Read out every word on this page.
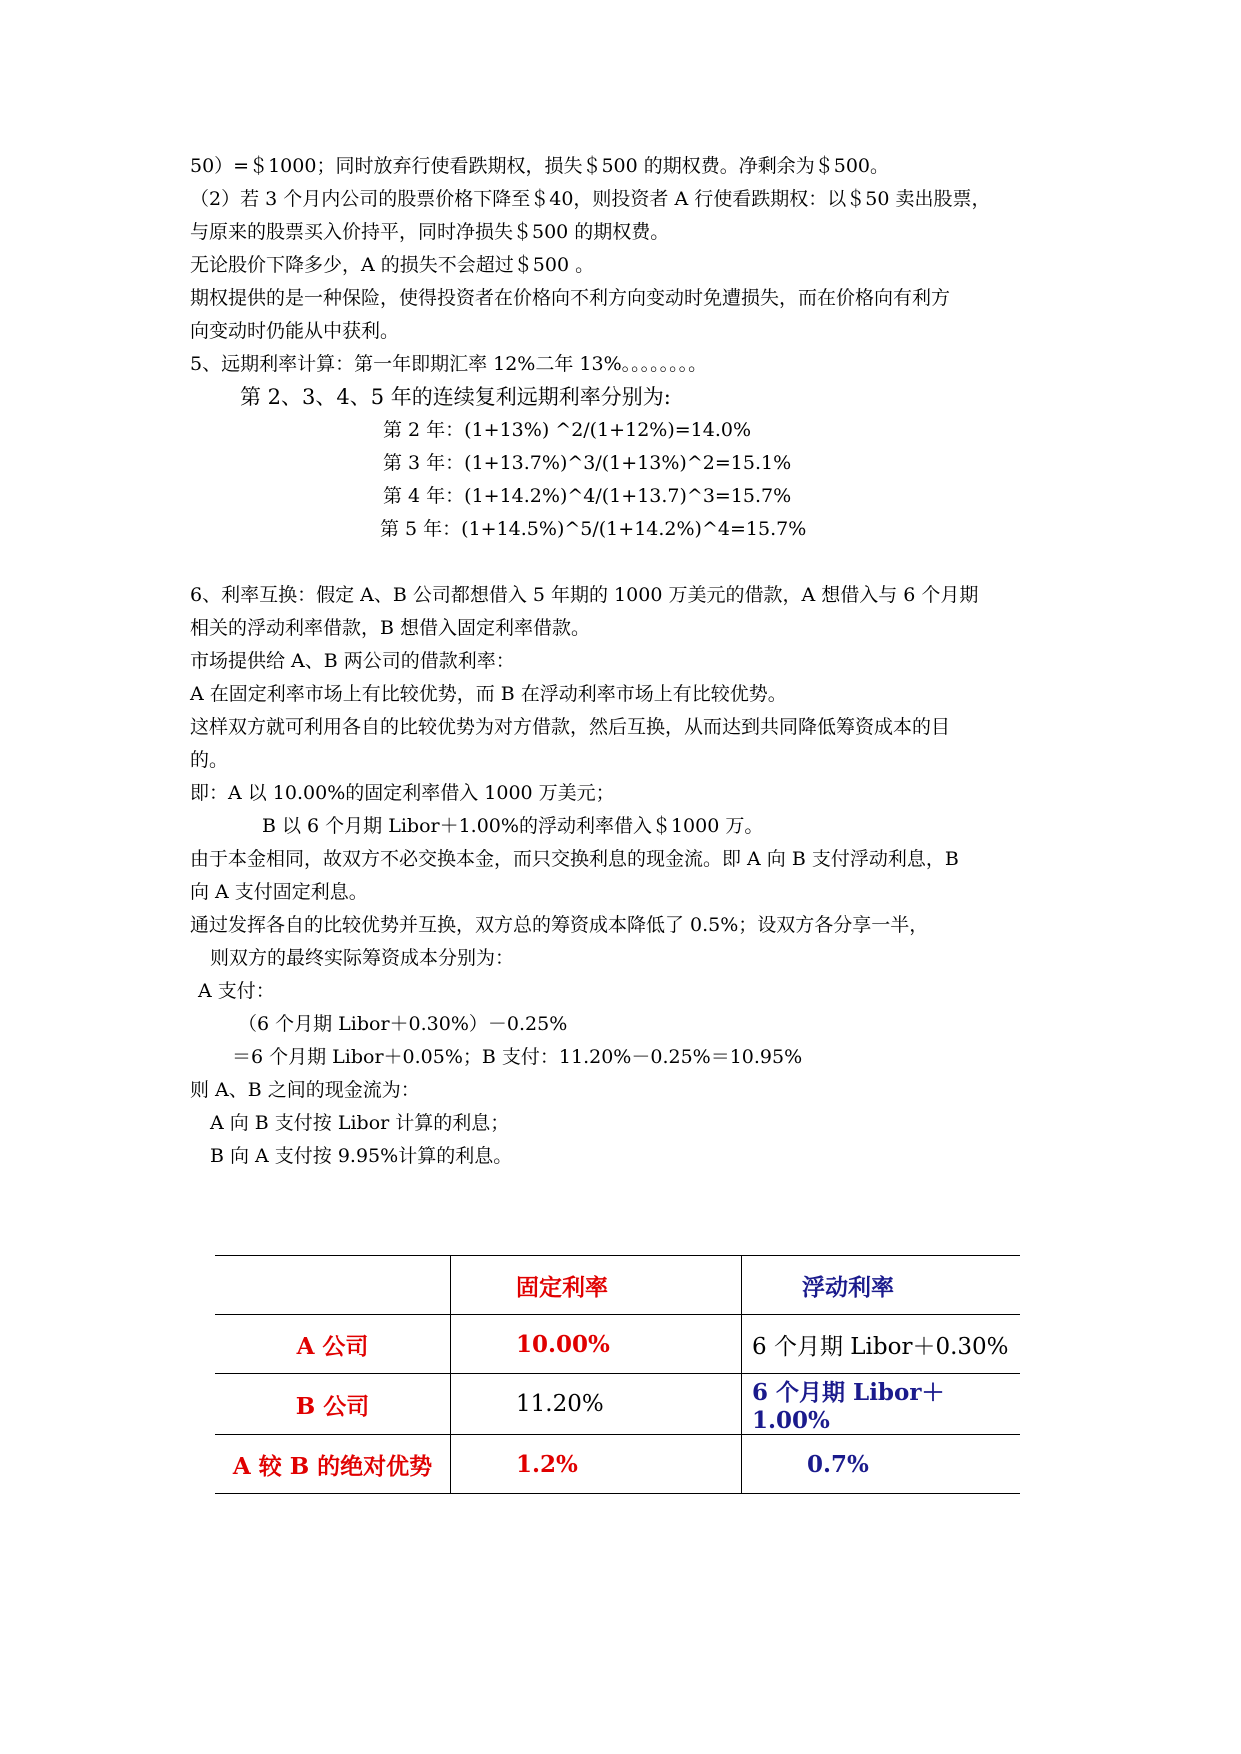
50）=＄1000；同时放弃行使看跌期权，损失＄500 的期权费。净剩余为＄500。
（2）若 3 个月内公司的股票价格下降至＄40，则投资者 A 行使看跌期权：以＄50 卖出股票，
与原来的股票买入价持平，同时净损失＄500 的期权费。
无论股价下降多少，A 的损失不会超过＄500 。
期权提供的是一种保险，使得投资者在价格向不利方向变动时免遭损失，而在价格向有利方
向变动时仍能从中获利。
5、远期利率计算：第一年即期汇率 12%二年 13%。。。。。。。。
第 2、3、4、5 年的连续复利远期利率分别为:
第 2 年：(1+13%) ^2/(1+12%)=14.0%
第 3 年：(1+13.7%)^3/(1+13%)^2=15.1%
第 4 年：(1+14.2%)^4/(1+13.7)^3=15.7%
第 5 年：(1+14.5%)^5/(1+14.2%)^4=15.7%
6、利率互换：假定 A、B 公司都想借入 5 年期的 1000 万美元的借款，A 想借入与 6 个月期
相关的浮动利率借款，B 想借入固定利率借款。
市场提供给 A、B 两公司的借款利率：
A 在固定利率市场上有比较优势，而 B 在浮动利率市场上有比较优势。
这样双方就可利用各自的比较优势为对方借款，然后互换，从而达到共同降低筹资成本的目
的。
即：A 以 10.00%的固定利率借入 1000 万美元；
B 以 6 个月期 Libor＋1.00%的浮动利率借入＄1000 万。
由于本金相同，故双方不必交换本金，而只交换利息的现金流。即 A 向 B 支付浮动利息，B
向 A 支付固定利息。
通过发挥各自的比较优势并互换，双方总的筹资成本降低了 0.5%；设双方各分享一半，
则双方的最终实际筹资成本分别为：
A 支付：
（6 个月期 Libor＋0.30%）－0.25%
＝6 个月期 Libor＋0.05%；B 支付：11.20%－0.25%＝10.95%
则 A、B 之间的现金流为：
A 向 B 支付按 Libor 计算的利息；
B 向 A 支付按 9.95%计算的利息。
	固定利率	浮动利率
A 公司	10.00%	6 个月期 Libor＋0.30%
B 公司	11.20%	6 个月期 Libor＋1.00%
A 较 B 的绝对优势	1.2%	0.7%
